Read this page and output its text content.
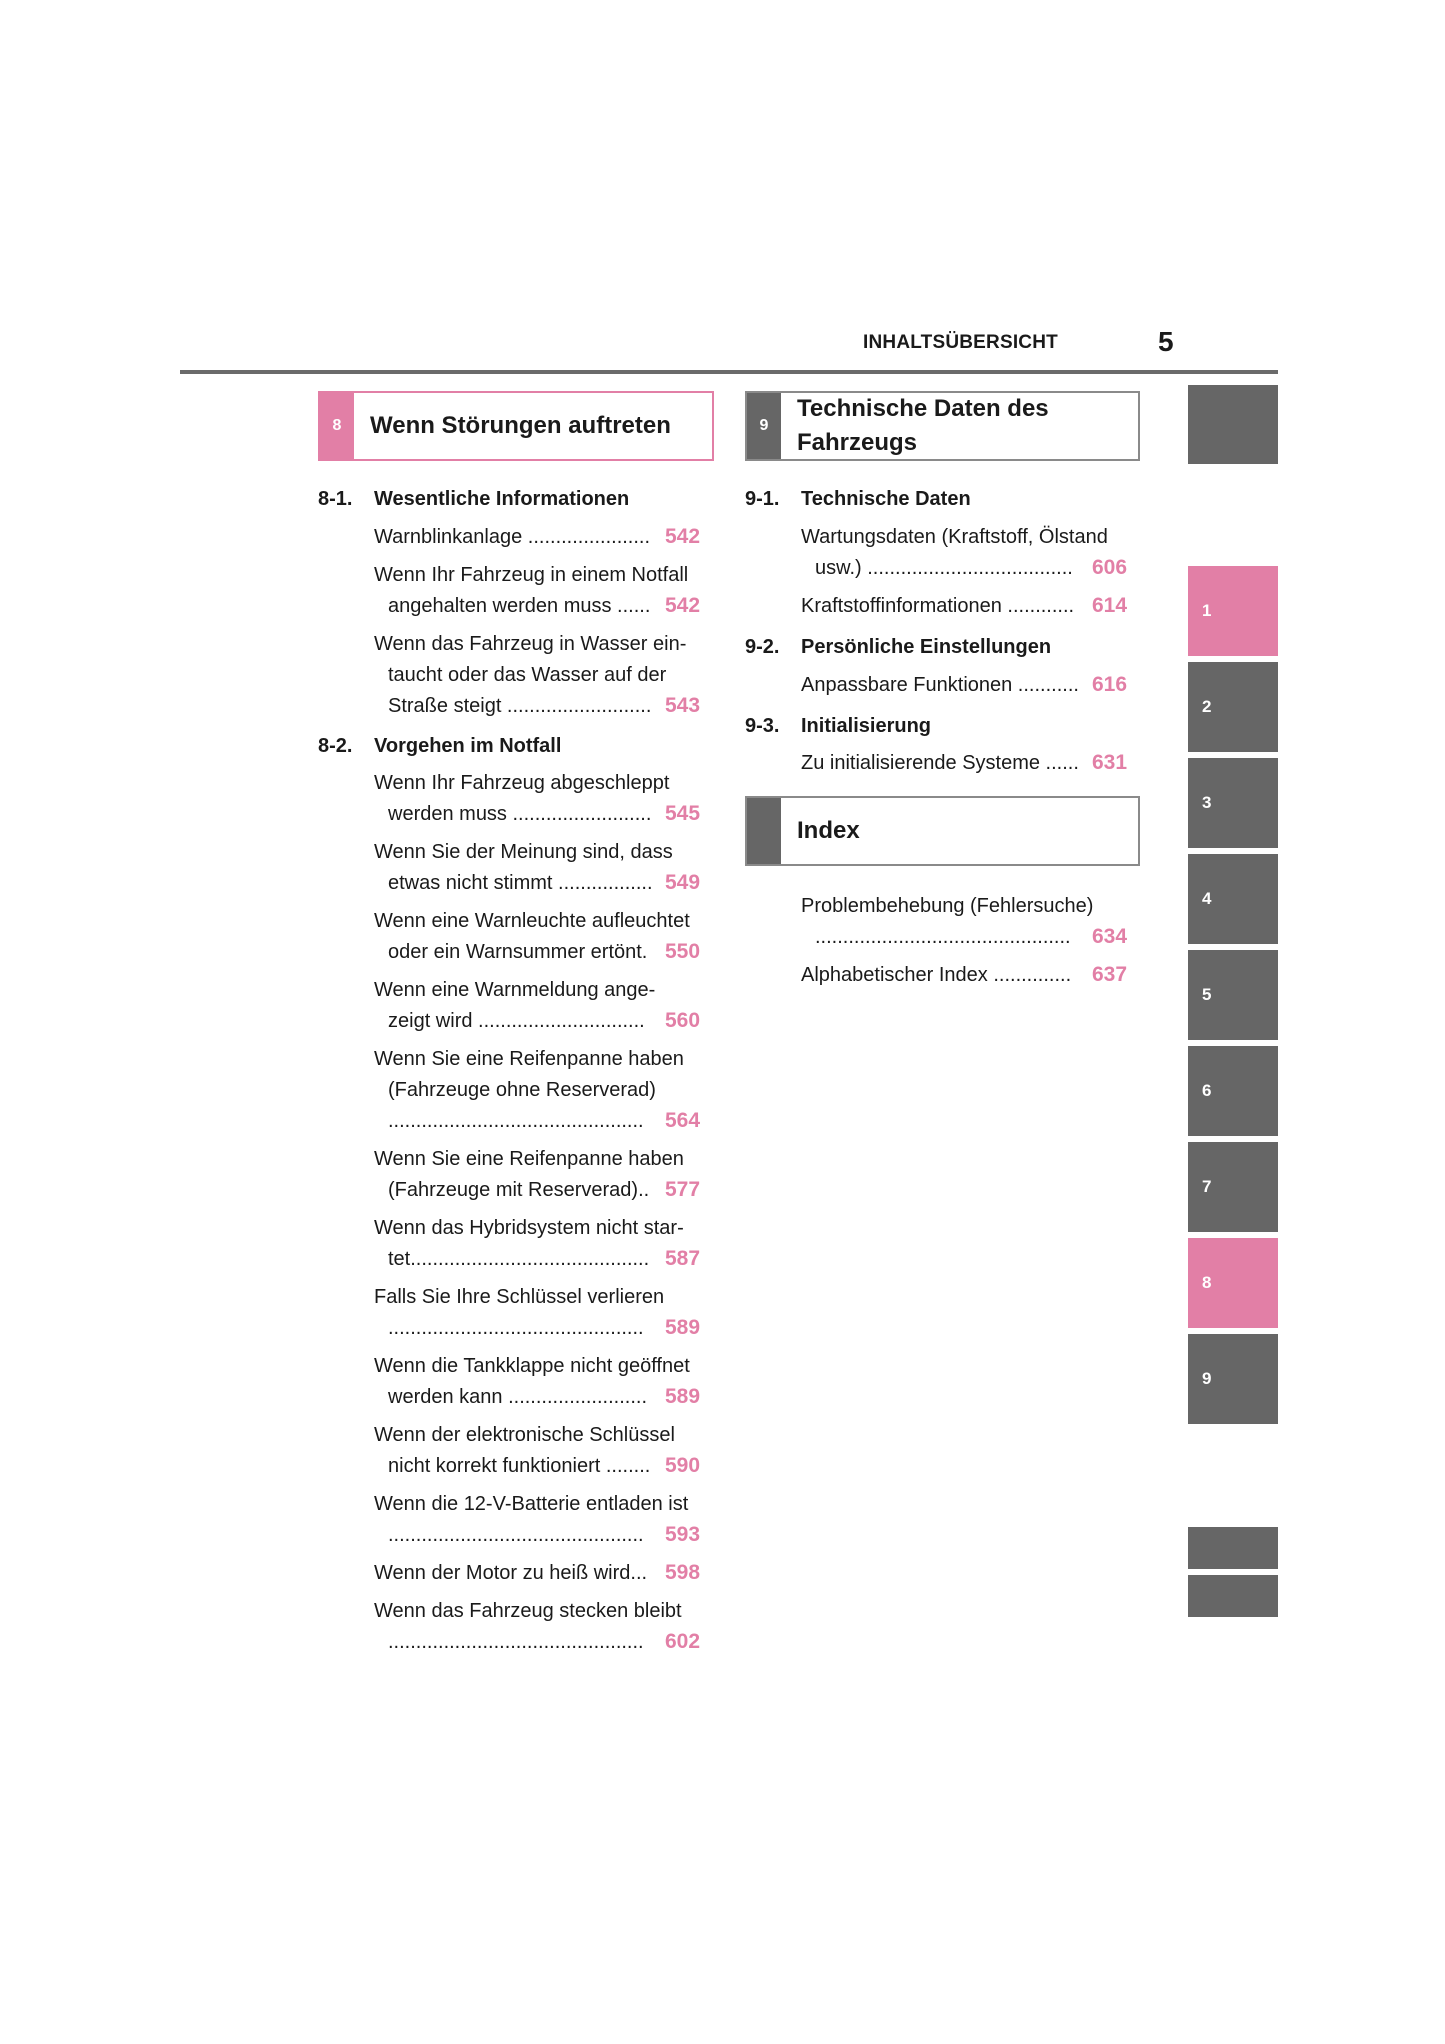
INHALTSÜBERSICHT	5
8	Wenn Störungen auftreten	9
Technische Daten des
Fahrzeugs
Index
8-1. Wesentliche Informationen
Warnblinkanlage ...................... 542
Wenn Ihr Fahrzeug in einem Notfall
angehalten werden muss ...... 542
Wenn das Fahrzeug in Wasser ein-
taucht oder das Wasser auf der
Straße steigt .......................... 543
8-2. Vorgehen im Notfall
Wenn Ihr Fahrzeug abgeschleppt
werden muss ......................... 545
Wenn Sie der Meinung sind, dass
etwas nicht stimmt ................. 549
Wenn eine Warnleuchte aufleuchtet
oder ein Warnsummer ertönt. 550
Wenn eine Warnmeldung ange-
zeigt wird .............................. 560
Wenn Sie eine Reifenpanne haben
(Fahrzeuge ohne Reserverad)
.............................................. 564
Wenn Sie eine Reifenpanne haben
(Fahrzeuge mit Reserverad).. 577
Wenn das Hybridsystem nicht star-
tet........................................... 587
Falls Sie Ihre Schlüssel verlieren
.............................................. 589
Wenn die Tankklappe nicht geöffnet
werden kann ......................... 589
Wenn der elektronische Schlüssel
nicht korrekt funktioniert ........ 590
Wenn die 12-V-Batterie entladen ist
.............................................. 593
Wenn der Motor zu heiß wird... 598
Wenn das Fahrzeug stecken bleibt
.............................................. 602
9-1. Technische Daten
Wartungsdaten (Kraftstoff, Ölstand
usw.) ..................................... 606
Kraftstoffinformationen ............ 614
9-2. Persönliche Einstellungen
Anpassbare Funktionen ........... 616
9-3. Initialisierung
Zu initialisierende Systeme ...... 631
Problembehebung (Fehlersuche)
.............................................. 634
Alphabetischer Index .............. 637
1
2
3
4
5
6
7
8
9
